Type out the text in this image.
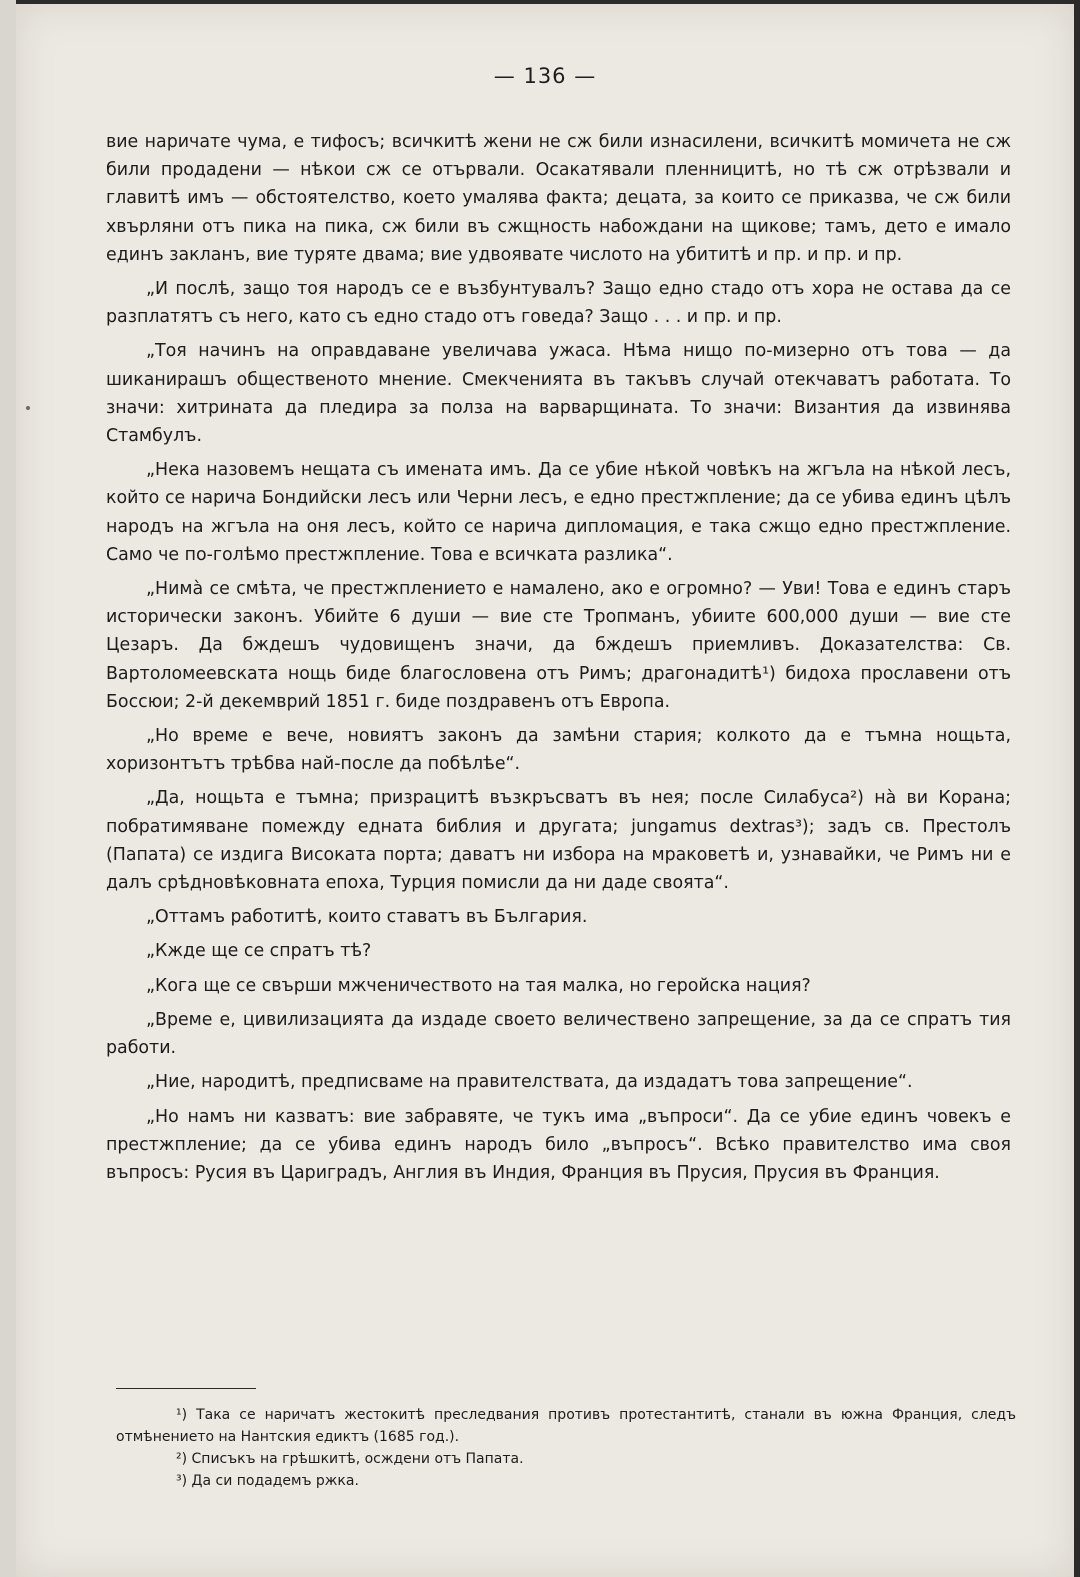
— 136 —

вие наричате чума, е тифосъ; всичкитѣ жени не сж били изнасилени, всичкитѣ момичета не сж били продадени — нѣкои сж се отървали. Осакатявали пленницитѣ, но тѣ сж отрѣзвали и главитѣ имъ — обстоятелство, което умалява факта; децата, за които се приказва, че сж били хвърляни отъ пика на пика, сж били въ сжщность набождани на щикове; тамъ, дето е имало единъ закланъ, вие туряте двама; вие удвоявате числото на убититѣ и пр. и пр. и пр.

„И послѣ, защо тоя народъ се е възбунтувалъ? Защо едно стадо отъ хора не остава да се разплатятъ съ него, като съ едно стадо отъ говеда? Защо . . . и пр. и пр.

„Тоя начинъ на оправдаване увеличава ужаса. Нѣма нищо по-мизерно отъ това — да шиканирашъ общественото мнение. Смекченията въ такъвъ случай отекчаватъ работата. То значи: хитрината да пледира за полза на варварщината. То значи: Византия да извинява Стамбулъ.

„Нека назовемъ нещата съ имената имъ. Да се убие нѣкой човѣкъ на жгъла на нѣкой лесъ, който се нарича Бондийски лесъ или Черни лесъ, е едно престжпление; да се убива единъ цѣлъ народъ на жгъла на оня лесъ, който се нарича дипломация, е така сжщо едно престжпление. Само че по-голѣмо престжпление. Това е всичката разлика“.

„Нимà се смѣта, че престжплението е намалено, ако е огромно? — Уви! Това е единъ старъ исторически законъ. Убийте 6 души — вие сте Тропманъ, убиите 600,000 души — вие сте Цезаръ. Да бждешъ чудовищенъ значи, да бждешъ приемливъ. Доказателства: Св. Вартоломеевската нощь биде благословена отъ Римъ; драгонадитѣ¹) бидоха прославени отъ Боссюи; 2-й декемврий 1851 г. биде поздравенъ отъ Европа.

„Но време е вече, новиятъ законъ да замѣни стария; колкото да е тъмна нощьта, хоризонтътъ трѣбва най-после да побѣлѣе“.

„Да, нощьта е тъмна; призрацитѣ възкръсватъ въ нея; после Силабуса²) нà ви Корана; побратимяване помежду едната библия и другата; jungamus dextras³); задъ св. Престолъ (Папата) се издига Високата порта; даватъ ни избора на мраковетѣ и, узнавайки, че Римъ ни е далъ срѣдновѣковната епоха, Турция помисли да ни даде своята“.

„Оттамъ работитѣ, които ставатъ въ България.

„Кжде ще се спратъ тѣ?

„Кога ще се свърши мжченичеството на тая малка, но геройска нация?

„Време е, цивилизацията да издаде своето величествено запрещение, за да се спратъ тия работи.

„Ние, народитѣ, предписваме на правителствата, да издадатъ това запрещение“.

„Но намъ ни казватъ: вие забравяте, че тукъ има „въпроси“. Да се убие единъ човекъ е престжпление; да се убива единъ народъ било „въпросъ“. Всѣко правителство има своя въпросъ: Русия въ Цариградъ, Англия въ Индия, Франция въ Прусия, Прусия въ Франция.

¹) Така се наричатъ жестокитѣ преследвания противъ протестантитѣ, станали въ южна Франция, следъ отмѣнението на Нантския едиктъ (1685 год.).

²) Списъкъ на грѣшкитѣ, осждени отъ Папата.

³) Да си подадемъ ржка.
